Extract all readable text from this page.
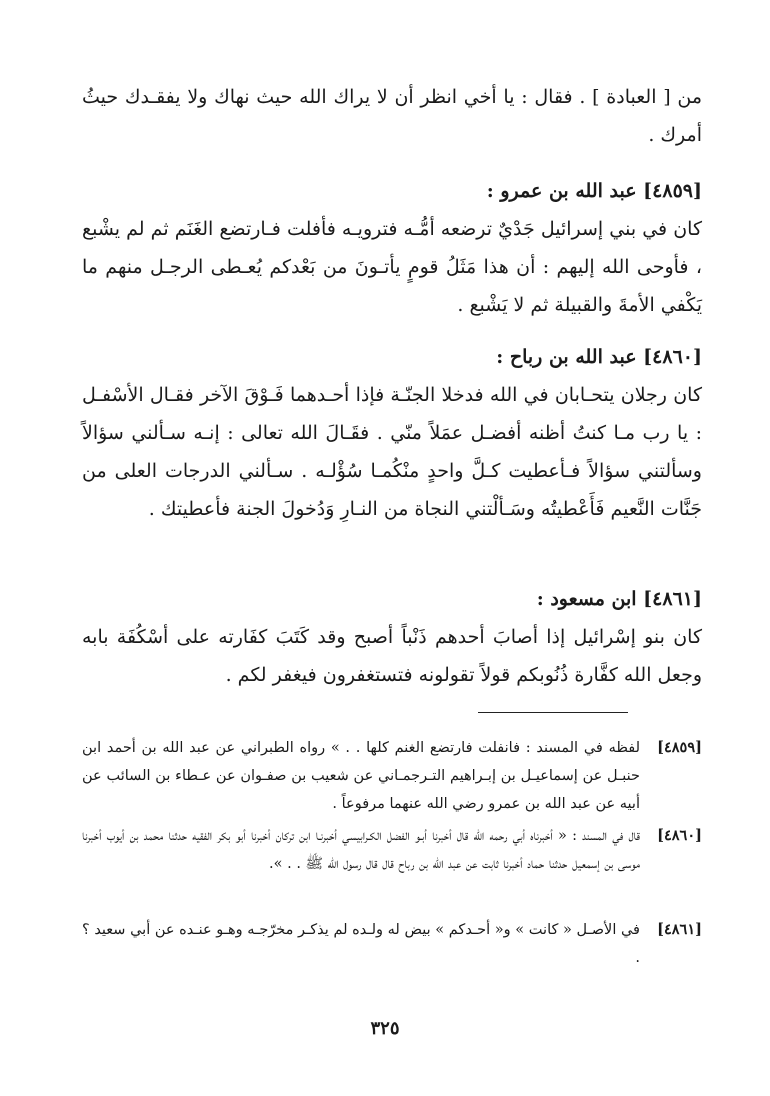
من [ العبادة ] . فقال : يا أخي انظر أن لا يراك الله حيث نهاك ولا يفقـدك حيثُ أمرك .
[٤٨٥٩] عبد الله بن عمرو :
كان في بني إسرائيل جَدْيٌ ترضعه أمُّـه فترويـه فأفلت فـارتضع الغَنَم ثم لم يشْبع ، فأوحى الله إليهم : أن هذا مَثَلُ قومٍ يأتـونَ من بَعْدكم يُعـطى الرجـل منهم ما يَكْفي الأمةَ والقبيلة ثم لا يَشْبع .
[٤٨٦٠] عبد الله بن رباح :
كان رجلان يتحـابان في الله فدخلا الجنّـة فإذا أحـدهما فَـوْقَ الآخر فقـال الأسْفـل : يا رب مـا كنتُ أظنه أفضـل عمَلاً منّي . فقَـالَ الله تعالى : إنـه سـألني سؤالاً وسألتني سؤالاً فـأعطيت كـلَّ واحدٍ منْكُمـا سُؤْلـه . سـألني الدرجات العلى من جَنَّات النَّعيم فَأَعْطيتُه وسَـألْتني النجاة من النـارِ وَدُخولَ الجنة فأعطيتك .
[٤٨٦١] ابن مسعود :
كان بنو إسْرائيل إذا أصابَ أحدهم ذَنْباً أصبح وقد كَتَبَ كفَارته على أسْكُفَة بابه وجعل الله كفَّارة ذُنُوبكم قولاً تقولونه فتستغفرون فيغفر لكم .
[٤٨٥٩]
لفظه في المسند : فانفلت فارتضع الغنم كلها . . » رواه الطبراني عن عبد الله بن أحمد ابن حنبـل عن إسماعيـل بن إبـراهيم التـرجمـاني عن شعيب بن صفـوان عن عـطاء بن السائب عن أبيه عن عبد الله بن عمرو رضي الله عنهما مرفوعاً .
[٤٨٦٠]
قال في المسند : « أخبرناه أبي رحمه الله قال أخبرنا أبـو الفضل الكـرابيسي أخبرنـا ابن تركان أخبرنا أبو بكر الفقيه حدثنا محمد بن أيوب أخبرنا موسى بن إسمعيل حدثنا حماد أخبرنا ثابت عن عبد الله بن رباح قال قال رسول الله ﷺ . . ».
[٤٨٦١]
في الأصـل « كانت » و« أحـدكم » بيض له ولـده لم يذكـر مخرّجـه وهـو عنـده عن أبي سعيد ؟ .
٣٢٥
